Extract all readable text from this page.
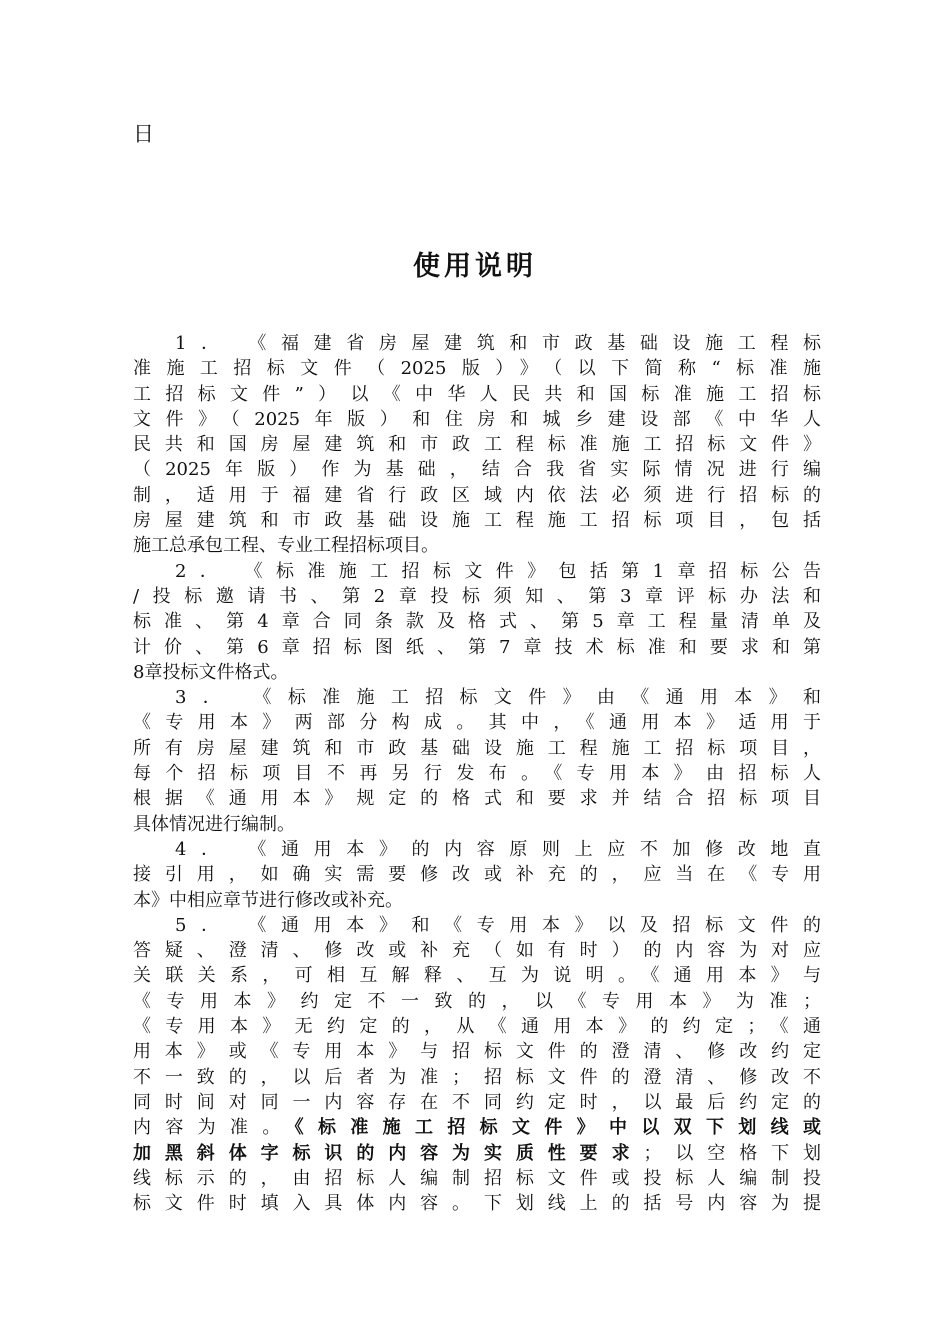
日
使用说明
1．　《福建省房屋建筑和市政基础设施工程标
准施工招标文件（2025版）》（以下简称“标准施
工招标文件”）以《中华人民共和国标准施工招标
文件》（2025年版）和住房和城乡建设部《中华人
民共和国房屋建筑和市政工程标准施工招标文件》
（2025年版）作为基础，结合我省实际情况进行编
制，适用于福建省行政区域内依法必须进行招标的
房屋建筑和市政基础设施工程施工招标项目，包括
施工总承包工程、专业工程招标项目。
2．　《标准施工招标文件》包括第1章招标公告
/投标邀请书、第2章投标须知、第3章评标办法和
标准、第4章合同条款及格式、第5章工程量清单及
计价、第6章招标图纸、第7章技术标准和要求和第
8章投标文件格式。
3．　《标准施工招标文件》由《通用本》和
《专用本》两部分构成。其中，《通用本》适用于
所有房屋建筑和市政基础设施工程施工招标项目，
每个招标项目不再另行发布。《专用本》由招标人
根据《通用本》规定的格式和要求并结合招标项目
具体情况进行编制。
4．　《通用本》的内容原则上应不加修改地直
接引用，如确实需要修改或补充的，应当在《专用
本》中相应章节进行修改或补充。
5．　《通用本》和《专用本》以及招标文件的
答疑、澄清、修改或补充（如有时）的内容为对应
关联关系，可相互解释、互为说明。《通用本》与
《专用本》约定不一致的，以《专用本》为准；
《专用本》无约定的，从《通用本》的约定；《通
用本》或《专用本》与招标文件的澄清、修改约定
不一致的，以后者为准；招标文件的澄清、修改不
同时间对同一内容存在不同约定时，以最后约定的
内容为准。《标准施工招标文件》中以双下划线或
加黑斜体字标识的内容为实质性要求；以空格下划
线标示的，由招标人编制招标文件或投标人编制投
标文件时填入具体内容。下划线上的括号内容为提
